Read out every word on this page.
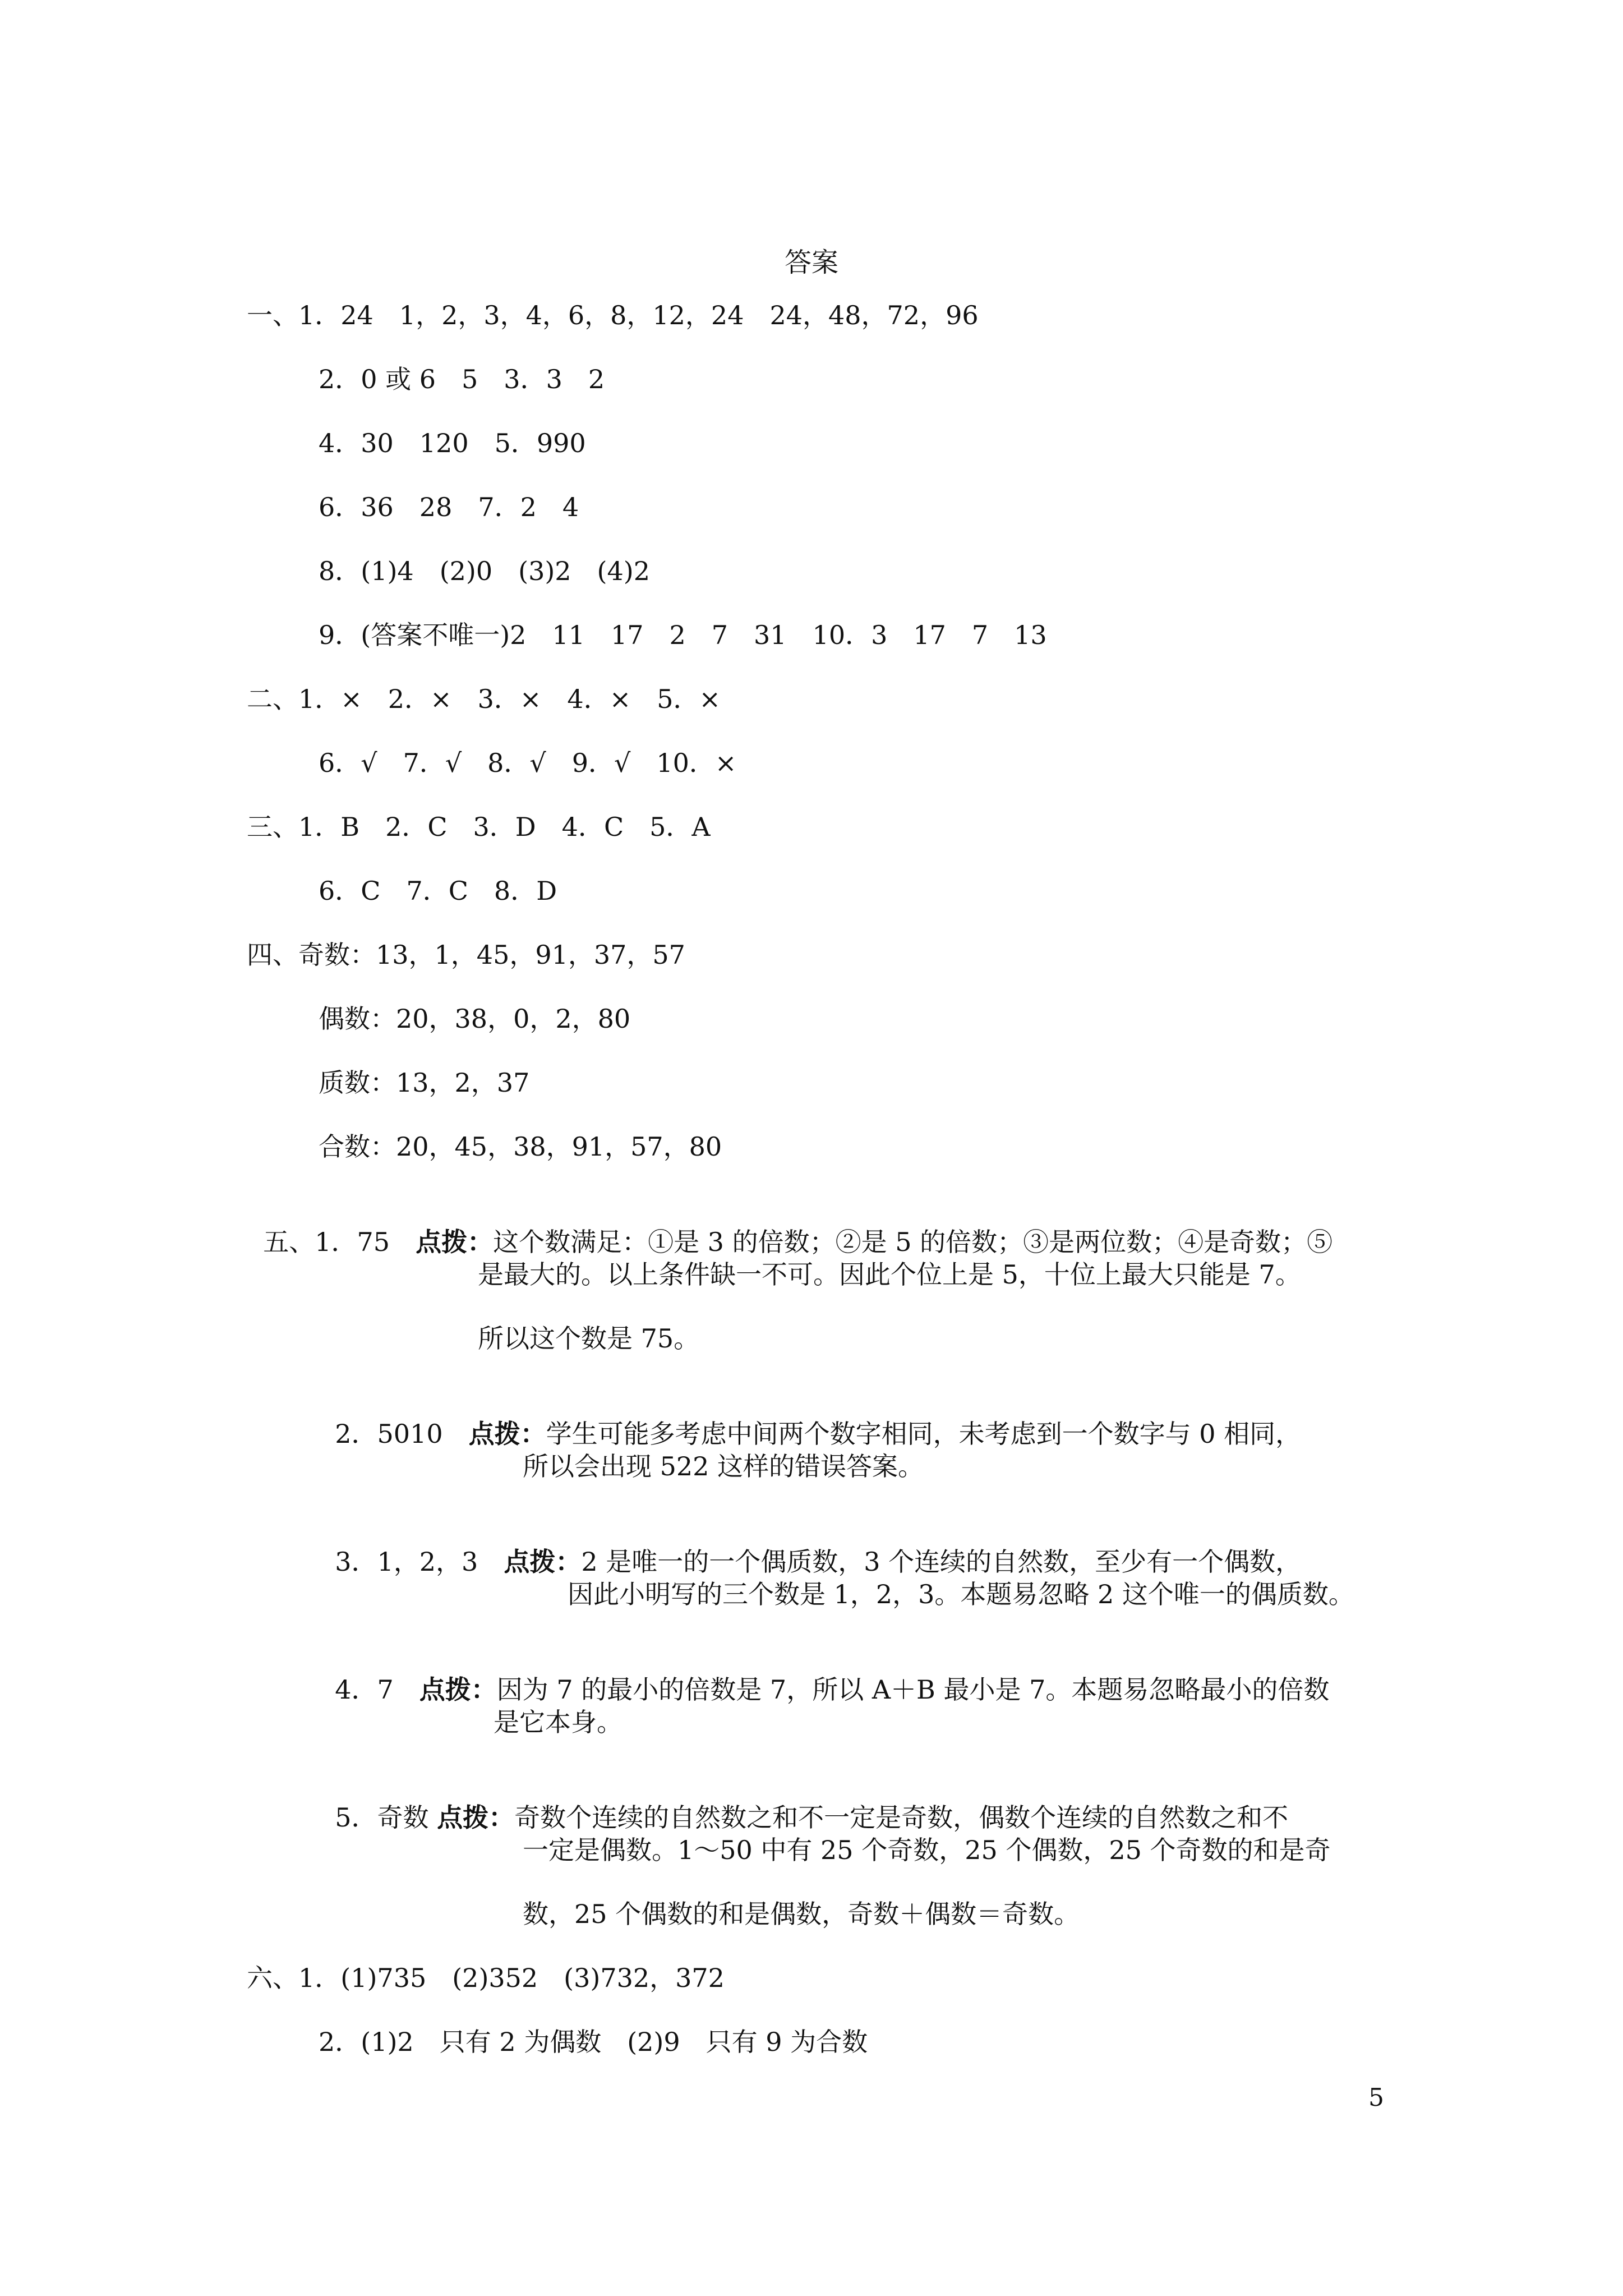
答案
一、1．24　1，2，3，4，6，8，12，24　24，48，72，96
2．0 或 6　5　3．3　2
4．30　120　5．990
6．36　28　7．2　4
8．(1)4　(2)0　(3)2　(4)2
9．(答案不唯一)2　11　17　2　7　31　10．3　17　7　13
二、1．×　2．×　3．×　4．×　5．×
6．√　7．√　8．√　9．√　10．×
三、1．B　2．C　3．D　4．C　5．A
6．C　7．C　8．D
四、奇数：13，1，45，91，37，57
偶数：20，38，0，2，80
质数：13，2，37
合数：20，45，38，91，57，80

五、1．75　点拨：这个数满足：①是 3 的倍数；②是 5 的倍数；③是两位数；④是奇数；⑤

是最大的。以上条件缺一不可。因此个位上是 5，十位上最大只能是 7。
所以这个数是 75。

2．5010　点拨：学生可能多考虑中间两个数字相同，未考虑到一个数字与 0 相同，

所以会出现 522 这样的错误答案。

3．1，2，3　点拨：2 是唯一的一个偶质数，3 个连续的自然数，至少有一个偶数，

因此小明写的三个数是 1，2，3。本题易忽略 2 这个唯一的偶质数。

4．7　点拨：因为 7 的最小的倍数是 7，所以 A＋B 最小是 7。本题易忽略最小的倍数

是它本身。

5．奇数 点拨：奇数个连续的自然数之和不一定是奇数，偶数个连续的自然数之和不

一定是偶数。1～50 中有 25 个奇数，25 个偶数，25 个奇数的和是奇
数，25 个偶数的和是偶数，奇数＋偶数＝奇数。
六、1．(1)735　(2)352　(3)732，372
2．(1)2　只有 2 为偶数　(2)9　只有 9 为合数
5
